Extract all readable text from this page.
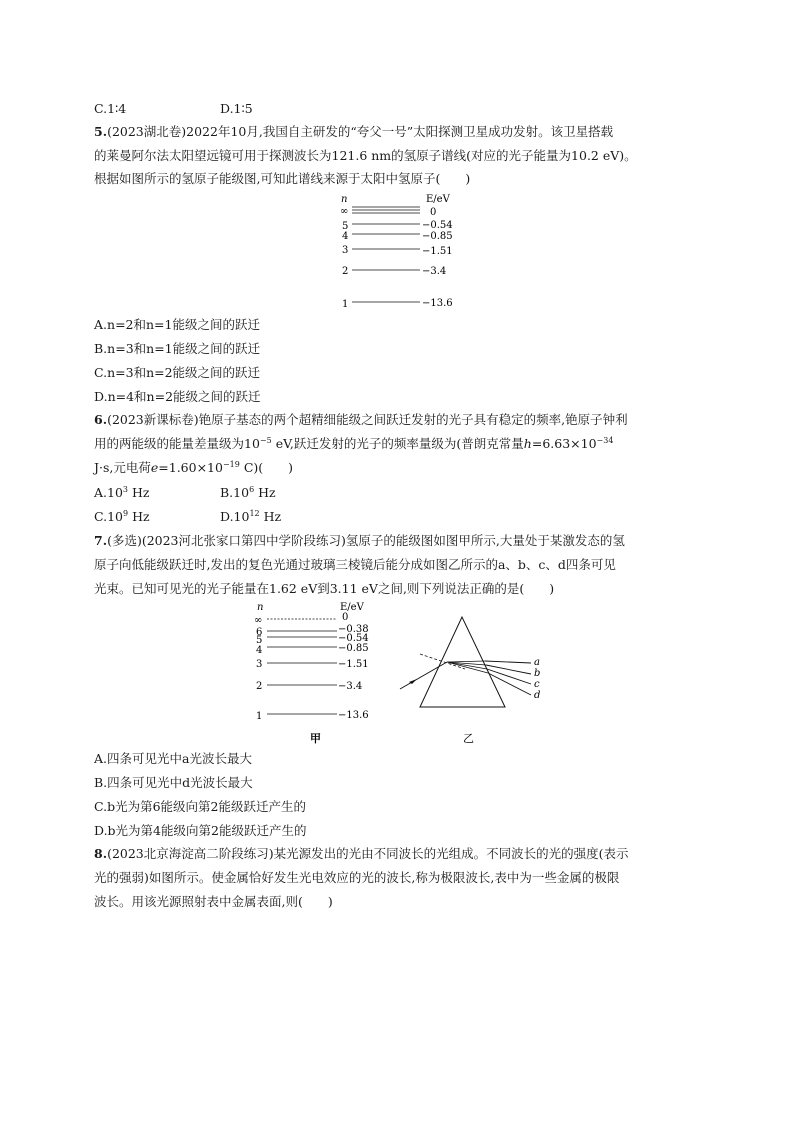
C.1∶4	D.1∶5
5.(2023湖北卷)2022年10月,我国自主研发的“夸父一号”太阳探测卫星成功发射。该卫星搭载
的莱曼阿尔法太阳望远镜可用于探测波长为121.6 nm的氢原子谱线(对应的光子能量为10.2 eV)。
根据如图所示的氢原子能级图,可知此谱线来源于太阳中氢原子(　　)
n	E/eV
∞	0
5	−0.54
4	−0.85
3	−1.51
2	−3.4
1	−13.6
A.n=2和n=1能级之间的跃迁
B.n=3和n=1能级之间的跃迁
C.n=3和n=2能级之间的跃迁
D.n=4和n=2能级之间的跃迁
6.(2023新课标卷)铯原子基态的两个超精细能级之间跃迁发射的光子具有稳定的频率,铯原子钟利
用的两能级的能量差量级为$10^{-5}$ eV,跃迁发射的光子的频率量级为(普朗克常量$h=6.63\times 10^{-34}$
J·s,元电荷$e=1.60\times 10^{-19}$ C)(　　)
$A.10^3$ Hz	$B.10^6$ Hz
$C.10^9$ Hz	$D.10^{12}$ Hz
7.(多选)(2023河北张家口第四中学阶段练习)氢原子的能级图如图甲所示,大量处于某激发态的氢
原子向低能级跃迁时,发出的复色光通过玻璃三棱镜后能分成如图乙所示的a、b、c、d四条可见
光束。已知可见光的光子能量在1.62 eV到3.11 eV之间,则下列说法正确的是(　　)
n	E/eV
∞	0
6	−0.38
5	−0.54
4	−0.85
3	−1.51
2	−3.4
1	−13.6
甲
a
b
c
d
乙
A.四条可见光中a光波长最大
B.四条可见光中d光波长最大
C.b光为第6能级向第2能级跃迁产生的
D.b光为第4能级向第2能级跃迁产生的
8.(2023北京海淀高二阶段练习)某光源发出的光由不同波长的光组成。不同波长的光的强度(表示
光的强弱)如图所示。使金属恰好发生光电效应的光的波长,称为极限波长,表中为一些金属的极限
波长。用该光源照射表中金属表面,则(　　)
